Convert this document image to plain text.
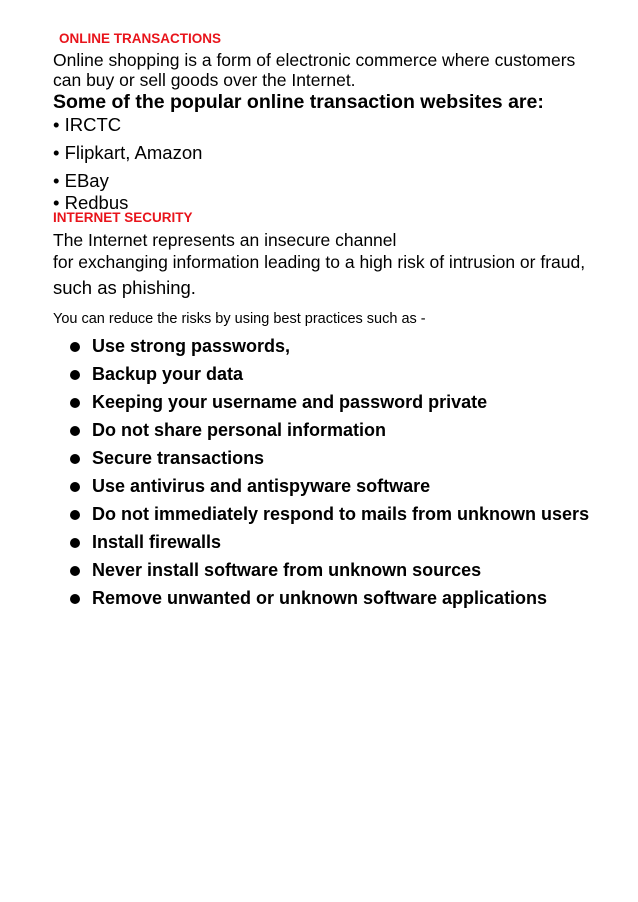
ONLINE TRANSACTIONS
Online shopping is a form of electronic commerce where customers
can buy or sell goods over the Internet.
Some of the popular online transaction websites are:
• IRCTC
• Flipkart, Amazon
• EBay
• Redbus
INTERNET SECURITY
The Internet represents an insecure channel
for exchanging information leading to a high risk of intrusion or fraud,
such as phishing.
You can reduce the risks by using best practices such as -
Use strong passwords,
Backup your data
Keeping your username and password private
Do not share personal information
Secure transactions
Use antivirus and antispyware software
Do not immediately respond to mails from unknown users
Install firewalls
Never install software from unknown sources
Remove unwanted or unknown software applications
